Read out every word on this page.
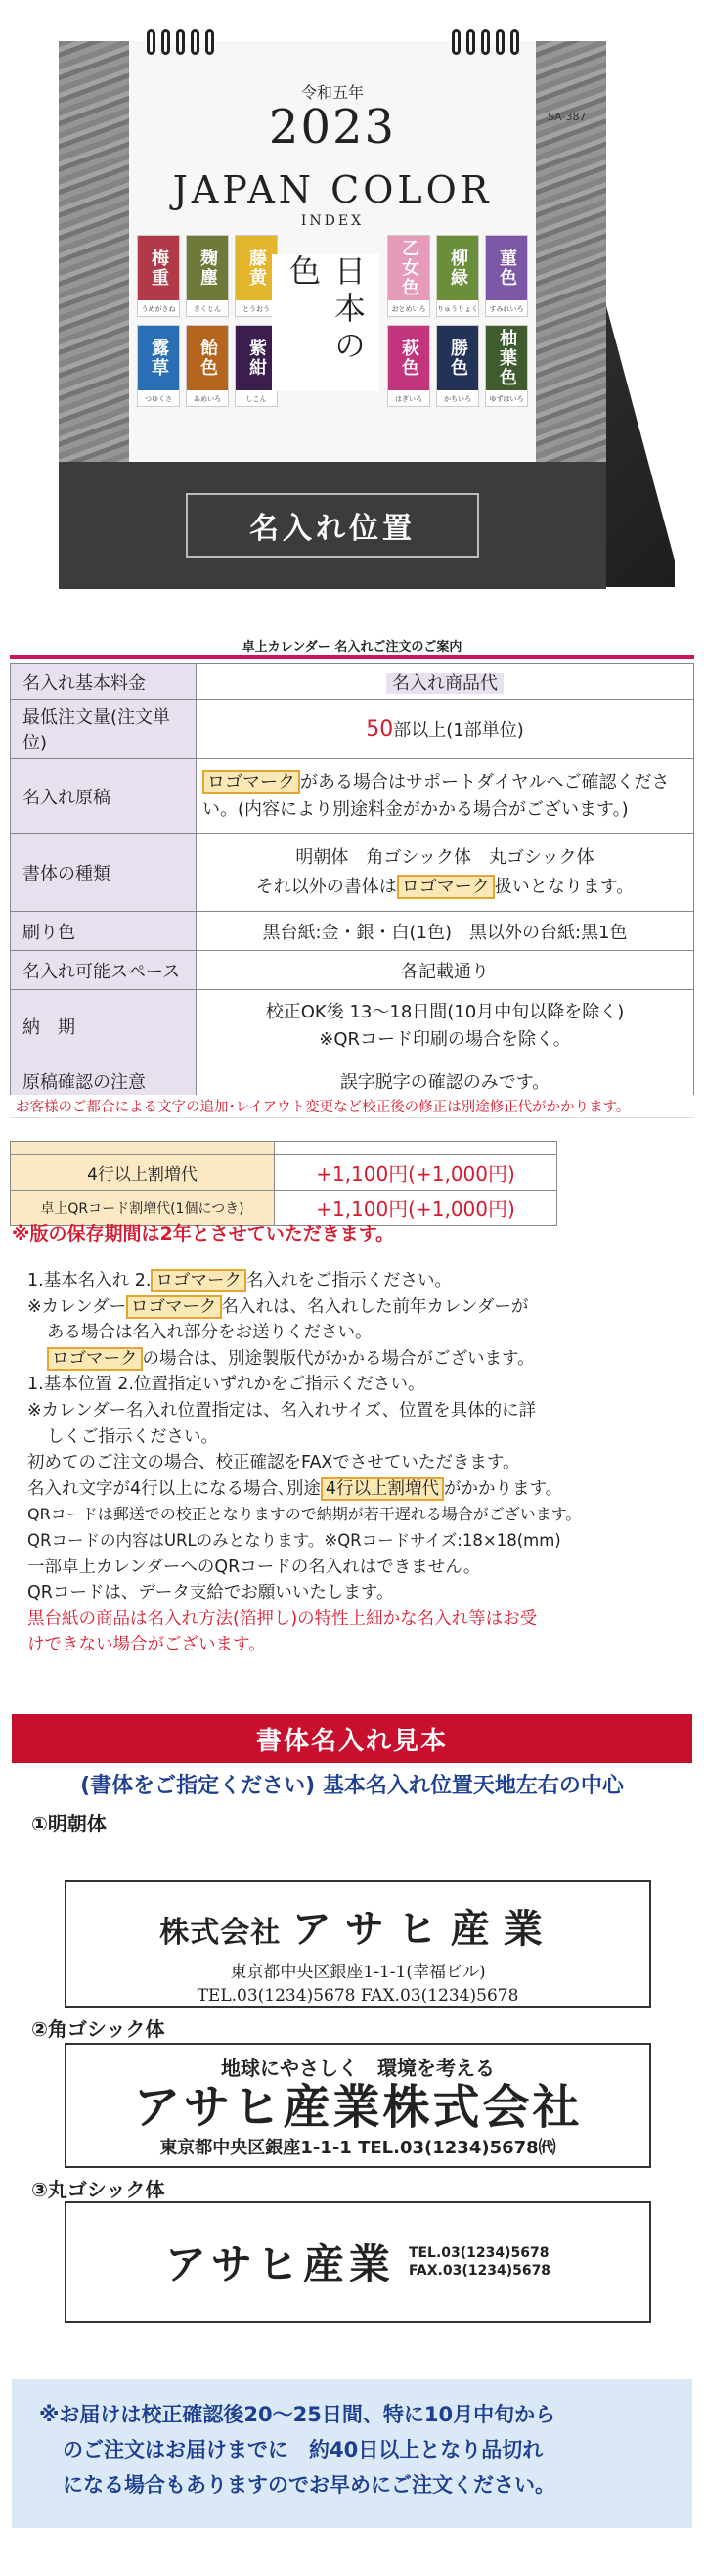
令和五年
2023
JAPAN COLOR
INDEX
梅重
うめがさね
麹塵
きくじん
藤黄
とうおう
露草
つゆくさ
飴色
あめいろ
紫紺
しこん
日本の色	乙女色
おとめいろ
柳緑
りゅうりょく
菫色
すみれいろ
萩色
はぎいろ
勝色
かちいろ
柚葉色
ゆずはいろ
SA-387
名入れ位置
卓上カレンダー 名入れご注文のご案内
名入れ基本料金	名入れ商品代
最低注文量(注文単位)	50部以上(1部単位)
名入れ原稿	ロゴマーク がある場合はサポートダイヤルへご確認くださ
い。(内容により別途料金がかかる場合がございます。)
書体の種類	明朝体　角ゴシック体　丸ゴシック体
それ以外の書体は ロゴマーク 扱いとなります。
刷り色	黒台紙:金・銀・白(1色)　黒以外の台紙:黒1色
名入れ可能スペース	各記載通り
納　期	校正OK後 13～18日間(10月中旬以降を除く)
※QRコード印刷の場合を除く。
原稿確認の注意	誤字脱字の確認のみです。
お客様のご都合による文字の追加･レイアウト変更など校正後の修正は別途修正代がかかります。

4行以上割増代	+1,100円(+1,000円)
卓上QRコード割増代(1個につき)	+1,100円(+1,000円)
※版の保存期間は2年とさせていただきます。

1.基本名入れ 2. ロゴマーク 名入れをご指示ください。

※カレンダー ロゴマーク 名入れは、名入れした前年カレンダーが

ある場合は名入れ部分をお送りください。

ロゴマーク の場合は、別途製版代がかかる場合がございます。

1.基本位置 2.位置指定いずれかをご指示ください。

※カレンダー名入れ位置指定は、名入れサイズ、位置を具体的に詳

しくご指示ください。

初めてのご注文の場合、校正確認をFAXでさせていただきます。

名入れ文字が4行以上になる場合､別途 4行以上割増代 がかかります。

QRコードは郵送での校正となりますので納期が若干遅れる場合がございます。

QRコードの内容はURLのみとなります。※QRコードサイズ:18×18(mm)

一部卓上カレンダーへのQRコードの名入れはできません。

QRコードは、データ支給でお願いいたします。

黒台紙の商品は名入れ方法(箔押し)の特性上細かな名入れ等はお受

けできない場合がございます。

書体名入れ見本
(書体をご指定ください) 基本名入れ位置天地左右の中心
①明朝体
株式会社 アサヒ産業
東京都中央区銀座1-1-1(幸福ビル)
TEL.03(1234)5678 FAX.03(1234)5678
②角ゴシック体
地球にやさしく　環境を考える
アサヒ産業株式会社
東京都中央区銀座1-1-1 TEL.03(1234)5678㈹
③丸ゴシック体
アサヒ産業 TEL.03(1234)5678
FAX.03(1234)5678

※お届けは校正確認後20～25日間、特に10月中旬から

のご注文はお届けまでに　約40日以上となり品切れ

になる場合もありますのでお早めにご注文ください。
